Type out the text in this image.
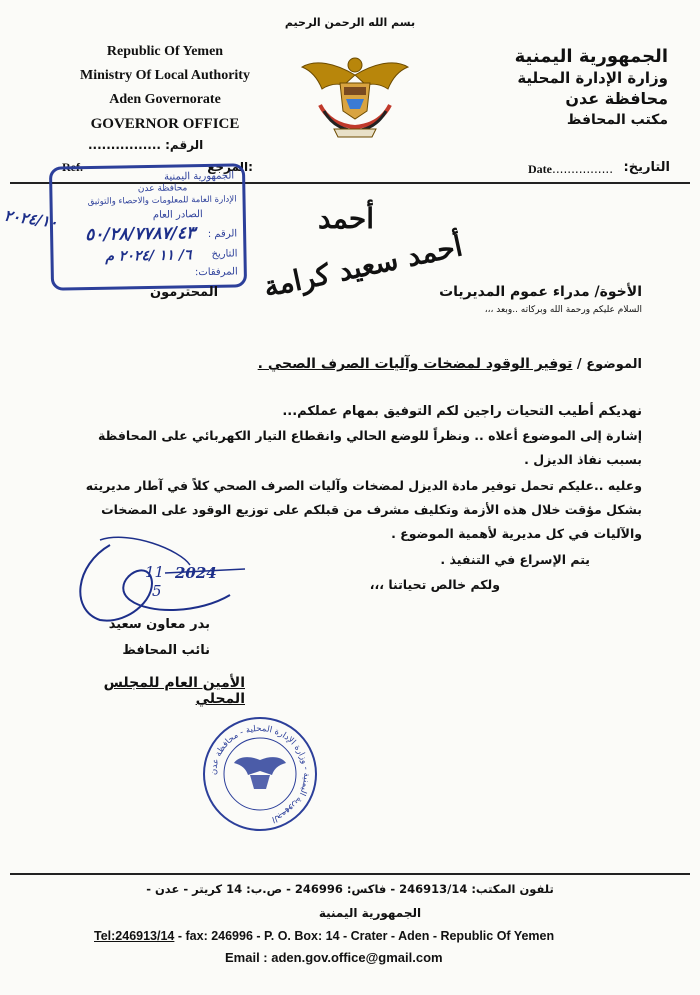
بسم الله الرحمن الرحيم
Republic Of Yemen
Ministry Of Local Authority
Aden Governorate
GOVERNOR OFFICE
الجمهورية اليمنية
وزارة الإدارة المحلية
محافظة عدن
مكتب المحافظ
الرقم: ................
Ref.	المرجع:	Date................ التاريخ:
الجمهورية اليمنية
محافظة عدن
الإدارة العامة للمعلومات والاحصاء والتوثيق
الصادر العام
الرقم :
التاريخ
المرفقات:
٥٠/٢٨/٧٧٨٧/٤٣
٦/ ١١ /٢٠٢٤ م
٢٠٢٤/١٠	أحمد
أحمد سعيد كرامة
المحترمون	الأخوة/ مدراء عموم المديريات
السلام عليكم ورحمة الله وبركاته ..وبعد ،،،
الموضوع / توفير الوقود لمضخات وآليات الصرف الصحي .
نهديكم أطيب التحيات راجين لكم التوفيق بمهام عملكم...
إشارة إلى الموضوع أعلاه .. ونظراً للوضع الحالي وانقطاع التيار الكهربائي على المحافظة
بسبب نفاذ الديزل .
وعليه ..عليكم تحمل توفير مادة الديزل لمضخات وآليات الصرف الصحي كلاً في آطار مديريته
بشكل مؤقت خلال هذه الأزمة وتكليف مشرف من قبلكم على توزيع الوقود على المضخات
والآليات في كل مديرية لأهمية الموضوع .
يتم الإسراع في التنفيذ .
ولكم خالص تحياتنا ،،،
11 2024
5
بدر معاون سعيد
نائب المحافظ
الأمين العام للمجلس المحلي
الجمهورية اليمنية - وزارة الإدارة المحلية - محافظة عدن
تلفون المكتب: 246913/14 - فاكس: 246996 - ص.ب: 14 كريتر - عدن -
الجمهورية اليمنية
Tel:246913/14 - fax: 246996 - P. O. Box: 14 - Crater - Aden - Republic Of Yemen
Email : aden.gov.office@gmail.com
